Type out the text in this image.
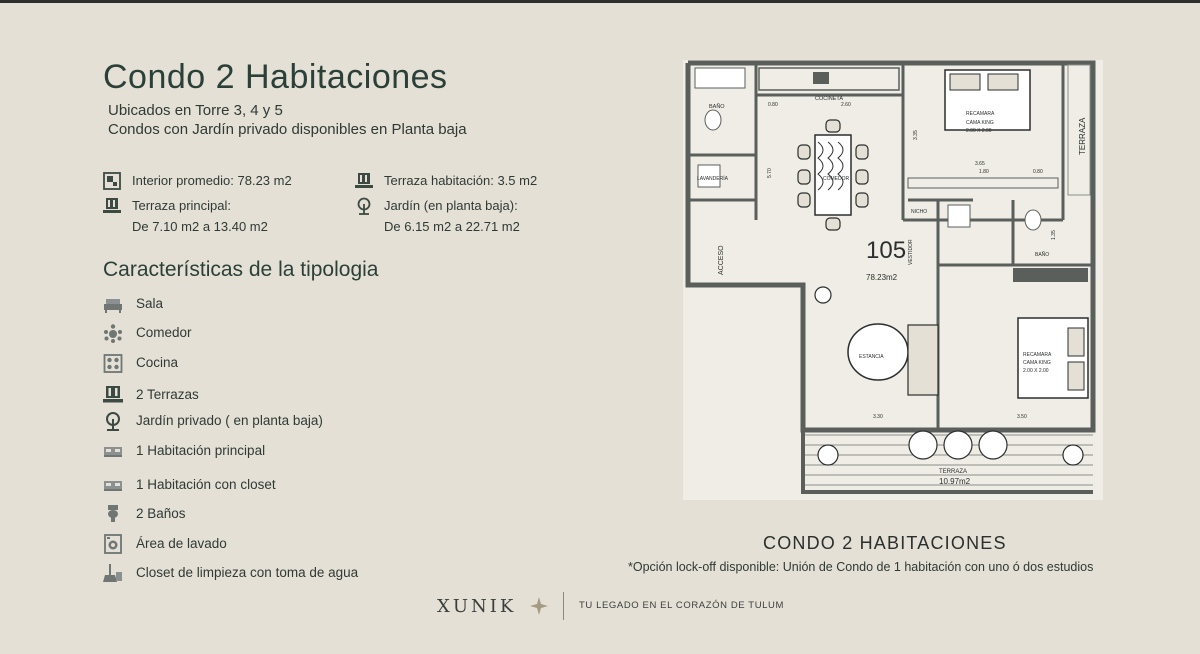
Condo 2 Habitaciones
Ubicados en Torre 3, 4 y 5
Condos con Jardín privado disponibles en Planta baja
Interior promedio: 78.23 m2	Terraza habitación: 3.5 m2
Terraza principal:
De 7.10 m2 a 13.40 m2
Jardín (en planta baja):
De 6.15 m2 a 22.71 m2
Características de la tipologia
Sala
Comedor
Cocina
2 Terrazas
Jardín privado ( en planta baja)
1 Habitación principal
1 Habitación con closet
2 Baños
Área de lavado
Closet de limpieza con toma de agua
105
78.23m2
COCINETA
BAÑO
LAVANDERÍA
RECAMARA
CAMA KING
2.00 X 2.00
RECAMARA
CAMA KING
2.00 X 2.00
TERRAZA
10.97m2
NICHO
BAÑO
COMEDOR
ESTANCIA
ACCESO	VESTIDOR
TERRAZA
0.80	2.60
3.35
3.65
1.80	0.80
3.30	3.50
5.70
1.35
CONDO 2 HABITACIONES
*Opción lock-off disponible: Unión de Condo de 1 habitación con uno ó dos estudios
XUNIK	TU LEGADO EN EL CORAZÓN DE TULUM
